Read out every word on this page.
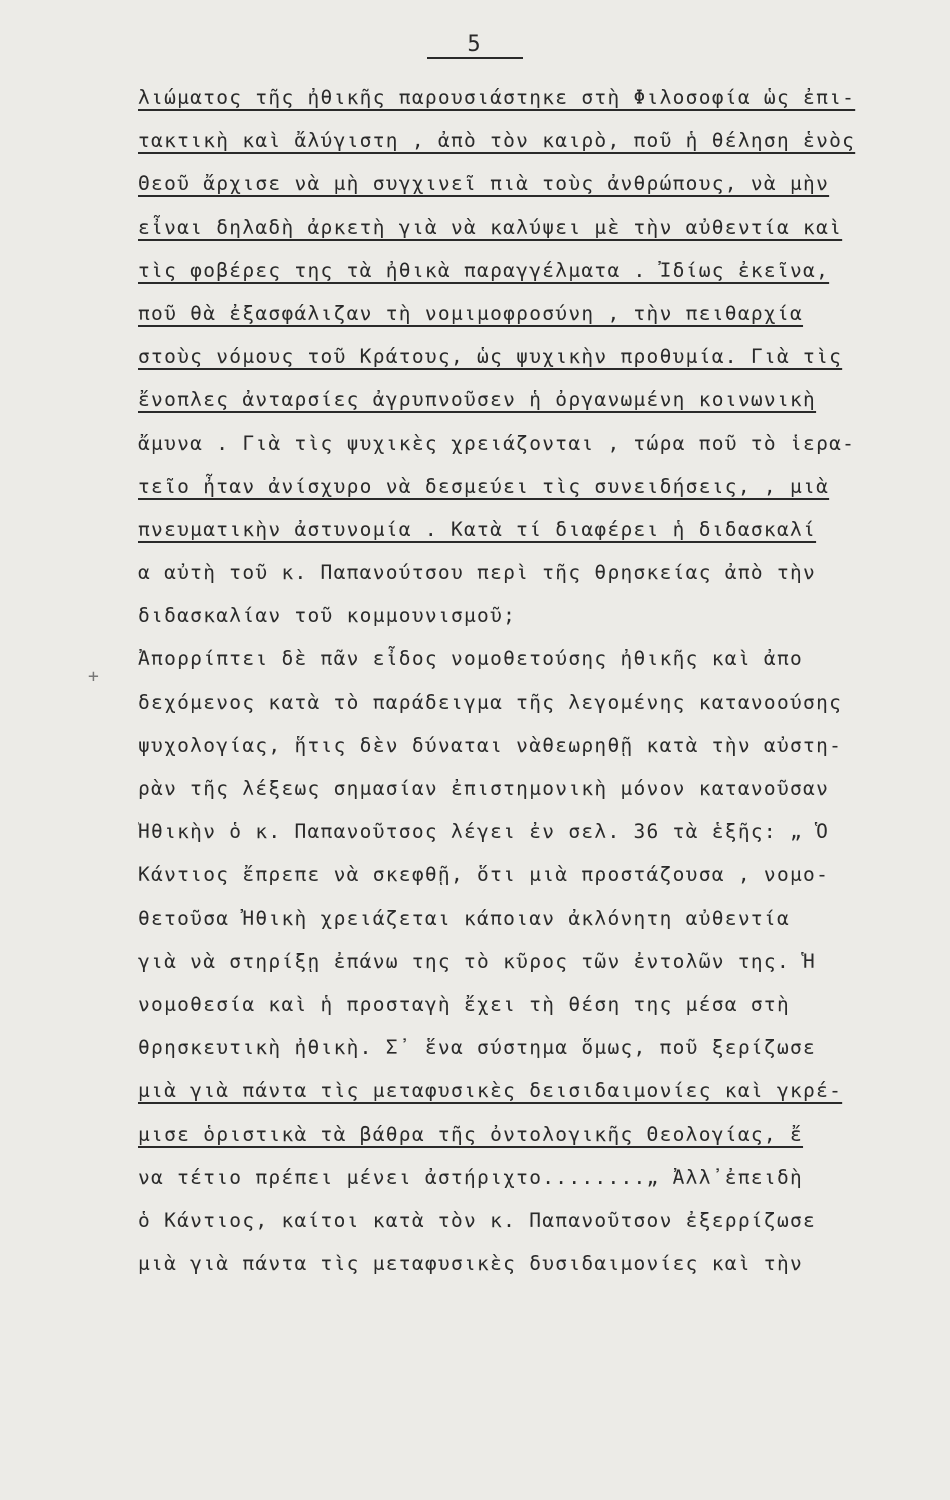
5
+
λιώματος τῆς ἠθικῆς παρουσιάστηκε στὴ Φιλοσοφία ὡς ἐπι-
τακτικὴ καὶ ἄλύγιστη , ἀπὸ τὸν καιρὸ, ποῦ ἡ θέληση ἑνὸς
Θεοῦ ἄρχισε νὰ μὴ συγχινεῖ πιὰ τοὺς ἀνθρώπους, νὰ μὴν
εἶναι δηλαδὴ ἀρκετὴ γιὰ νὰ καλύψει μὲ τὴν αὐθεντία καὶ
τὶς φοβέρες της τὰ ἠθικὰ παραγγέλματα . Ἰδίως ἐκεῖνα,
ποῦ θὰ ἐξασφάλιζαν τὴ νομιμοφροσύνη , τὴν πειθαρχία
στοὺς νόμους τοῦ Κράτους, ὡς ψυχικὴν προθυμία. Γιὰ τὶς
ἔνοπλες ἀνταρσίες ἀγρυπνοῦσεν ἡ ὀργανωμένη κοινωνικὴ
ἄμυνα . Γιὰ τὶς ψυχικὲς χρειάζονται , τώρα ποῦ τὸ ἱερα-
τεῖο ἦταν ἀνίσχυρο νὰ δεσμεύει τὶς συνειδήσεις, , μιὰ
πνευματικὴν ἀστυνομία . Κατὰ τί διαφέρει ἡ διδασκαλί
α αὐτὴ τοῦ κ. Παπανούτσου περὶ τῆς θρησκείας ἀπὸ τὴν
διδασκαλίαν τοῦ κομμουνισμοῦ;
Ἀπορρίπτει δὲ πᾶν εἶδος νομοθετούσης ἠθικῆς καὶ ἀπο
δεχόμενος κατὰ τὸ παράδειγμα τῆς λεγομένης κατανοούσης
ψυχολογίας, ἥτις δὲν δύναται νὰθεωρηθῇ κατὰ τὴν αὐστη-
ρὰν τῆς λέξεως σημασίαν ἐπιστημονικὴ μόνον κατανοῦσαν
Ἠθικὴν ὁ κ. Παπανοῦτσος λέγει ἐν σελ. 36 τὰ ἑξῆς: „ Ὁ
Κάντιος ἔπρεπε νὰ σκεφθῇ, ὅτι μιὰ προστάζουσα , νομο-
θετοῦσα Ἠθικὴ χρειάζεται κάποιαν ἀκλόνητη αὐθεντία
γιὰ νὰ στηρίξῃ ἐπάνω της τὸ κῦρος τῶν ἐντολῶν της. Ἡ
νομοθεσία καὶ ἡ προσταγὴ ἔχει τὴ θέση της μέσα στὴ
θρησκευτικὴ ἠθικὴ. Σ᾿ ἕνα σύστημα ὅμως, ποῦ ξερίζωσε
μιὰ γιὰ πάντα τὶς μεταφυσικὲς δεισιδαιμονίες καὶ γκρέ-
μισε ὁριστικὰ τὰ βάθρα τῆς ὀντολογικῆς Θεολογίας, ἔ
να τέτιο πρέπει μένει ἀστήριχτο........„ Ἀλλ᾿ἐπειδὴ
ὁ Κάντιος, καίτοι κατὰ τὸν κ. Παπανοῦτσον ἐξερρίζωσε
μιὰ γιὰ πάντα τὶς μεταφυσικὲς δυσιδαιμονίες καὶ τὴν
